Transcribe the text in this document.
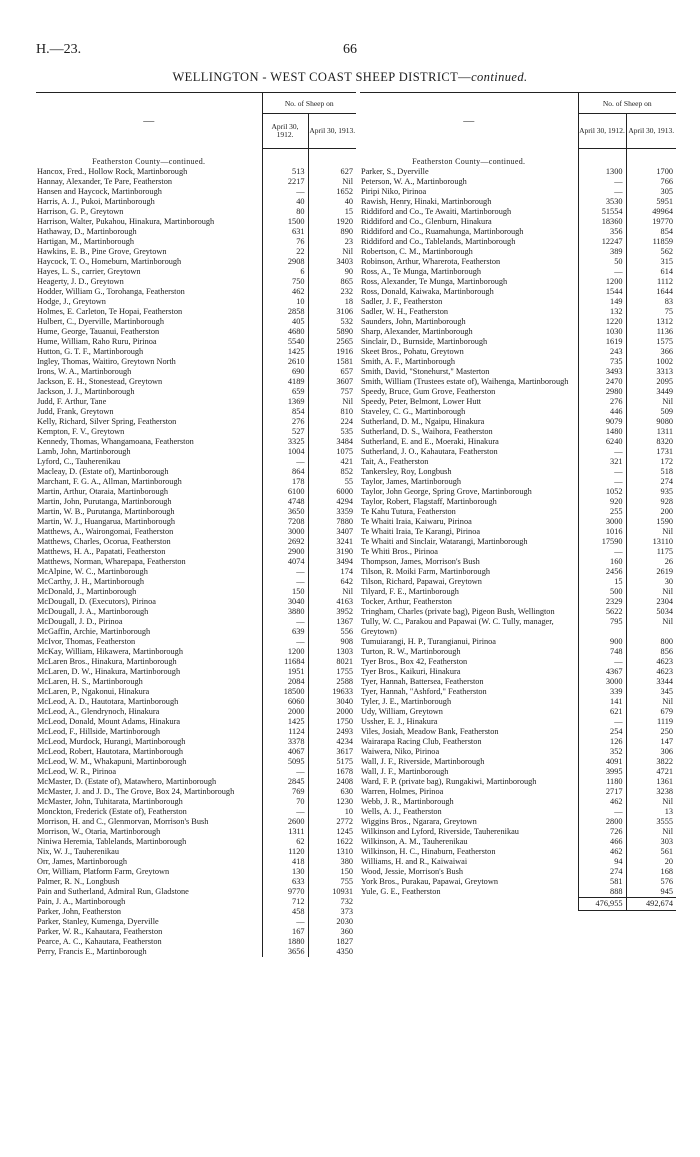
H.—23.	66
WELLINGTON - WEST COAST SHEEP DISTRICT—continued.
—	No. of Sheep on	
	April 30, 1912.	April 30, 1913.
Featherston County—continued.		
Hancox, Fred., Hollow Rock, Martinborough	513	627
Hannay, Alexander, Te Pare, Featherston	2217	Nil
Hansen and Haycock, Martinborough	—	1652
Harris, A. J., Pukoi, Martinborough	40	40
Harrison, G. P., Greytown	80	15
Harrison, Walter, Pukahou, Hinakura, Martinborough	1500	1920
Hathaway, D., Martinborough	631	890
Hartigan, M., Martinborough	76	23
Hawkins, E. B., Pine Grove, Greytown	22	Nil
Haycock, T. O., Homeburn, Martinborough	2908	3403
Hayes, L. S., carrier, Greytown	6	90
Heagerty, J. D., Greytown	750	865
Hodder, William G., Torohanga, Featherston	462	232
Hodge, J., Greytown	10	18
Holmes, E. Carleton, Te Hopai, Featherston	2858	3106
Hulbert, C., Dyerville, Martinborough	405	532
Hume, George, Tauanui, Featherston	4680	5890
Hume, William, Raho Ruru, Pirinoa	5540	2565
Hutton, G. T. F., Martinborough	1425	1916
Ingley, Thomas, Waitiro, Greytown North	2610	1581
Irons, W. A., Martinborough	690	657
Jackson, E. H., Stonestead, Greytown	4189	3607
Jackson, J. J., Martinborough	659	757
Judd, F. Arthur, Tane	1369	Nil
Judd, Frank, Greytown	854	810
Kelly, Richard, Silver Spring, Featherston	276	224
Kempton, F. V., Greytown	527	535
Kennedy, Thomas, Whangamoana, Featherston	3325	3484
Lamb, John, Martinborough	1004	1075
Lyford, C., Tauherenikau	—	421
Macleay, D. (Estate of), Martinborough	864	852
Marchant, F. G. A., Allman, Martinborough	178	55
Martin, Arthur, Otaraia, Martinborough	6100	6000
Martin, John, Purutanga, Martinborough	4748	4294
Martin, W. B., Purutanga, Martinborough	3650	3359
Martin, W. J., Huangarua, Martinborough	7208	7880
Matthews, A., Wairongomai, Featherston	3000	3407
Matthews, Charles, Ocorua, Featherston	2692	3241
Matthews, H. A., Papatati, Featherston	2900	3190
Matthews, Norman, Wharepapa, Featherston	4074	3494
McAlpine, W. C., Martinborough	—	174
McCarthy, J. H., Martinborough	—	642
McDonald, J., Martinborough	150	Nil
McDougall, D. (Executors), Pirinoa	3040	4163
McDougall, J. A., Martinborough	3880	3952
McDougall, J. D., Pirinoa	—	1367
McGaffin, Archie, Martinborough	639	556
McIvor, Thomas, Featherston	—	908
McKay, William, Hikawera, Martinborough	1200	1303
McLaren Bros., Hinakura, Martinborough	11684	8021
McLaren, D. W., Hinakura, Martinborough	1951	1755
McLaren, H. S., Martinborough	2084	2588
McLaren, P., Ngakonui, Hinakura	18500	19633
McLeod, A. D., Hautotara, Martinborough	6060	3040
McLeod, A., Glendrynoch, Hinakura	2000	2000
McLeod, Donald, Mount Adams, Hinakura	1425	1750
McLeod, F., Hillside, Martinborough	1124	2493
McLeod, Murdock, Hurangi, Martinborough	3378	4234
McLeod, Robert, Hautotara, Martinborough	4067	3617
McLeod, W. M., Whakapuni, Martinborough	5095	5175
McLeod, W. R., Pirinoa	—	1678
McMaster, D. (Estate of), Matawhero, Martinborough	2845	2408
McMaster, J. and J. D., The Grove, Box 24, Martinborough	769	630
McMaster, John, Tuhitarata, Martinborough	70	1230
Monckton, Frederick (Estate of), Featherston	—	10
Morrison, H. and C., Glenmorvan, Morrison's Bush	2600	2772
Morrison, W., Otaria, Martinborough	1311	1245
Niniwa Heremia, Tablelands, Martinborough	62	1622
Nix, W. J., Tauherenikau	1120	1310
Orr, James, Martinborough	418	380
Orr, William, Platform Farm, Greytown	130	150
Palmer, R. N., Longbush	633	755
Pain and Sutherland, Admiral Run, Gladstone	9770	10931
Pain, J. A., Martinborough	712	732
Parker, John, Featherston	458	373
Parker, Stanley, Kumenga, Dyerville	—	2030
Parker, W. R., Kahautara, Featherston	167	360
Pearce, A. C., Kahautara, Featherston	1880	1827
Perry, Francis E., Martinborough	3656	4350
—	No. of Sheep on	
	April 30, 1912.	April 30, 1913.
Featherston County—continued.		
Parker, S., Dyerville	1300	1700
Peterson, W. A., Martinborough	—	766
Piripi Niko, Pirinoa	—	305
Rawish, Henry, Hinaki, Martinborough	3530	5951
Riddiford and Co., Te Awaiti, Martinborough	51554	49964
Riddiford and Co., Glenburn, Hinakura	18360	19770
Riddiford and Co., Ruamahunga, Martinborough	356	854
Riddiford and Co., Tablelands, Martinborough	12247	11859
Robertson, C. M., Martinborough	389	562
Robinson, Arthur, Wharerota, Featherston	50	315
Ross, A., Te Munga, Martinborough	—	614
Ross, Alexander, Te Munga, Martinborough	1200	1112
Ross, Donald, Kaiwaka, Martinborough	1544	1644
Sadler, J. F., Featherston	149	83
Sadler, W. H., Featherston	132	75
Saunders, John, Martinborough	1220	1312
Sharp, Alexander, Martinborough	1030	1136
Sinclair, D., Burnside, Martinborough	1619	1575
Skeet Bros., Pohatu, Greytown	243	366
Smith, A. F., Martinborough	735	1002
Smith, David, "Stonehurst," Masterton	3493	3313
Smith, William (Trustees estate of), Waihenga, Martinborough	2470	2095
Speedy, Bruce, Gum Grove, Featherston	2980	3449
Speedy, Peter, Belmont, Lower Hutt	276	Nil
Staveley, C. G., Martinborough	446	509
Sutherland, D. M., Ngaipu, Hinakura	9079	9080
Sutherland, D. S., Waihora, Featherston	1480	1311
Sutherland, E. and E., Moeraki, Hinakura	6240	8320
Sutherland, J. O., Kahautara, Featherston	—	1731
Tait, A., Featherston	321	172
Tankersley, Roy, Longbush	—	518
Taylor, James, Martinborough	—	274
Taylor, John George, Spring Grove, Martinborough	1052	935
Taylor, Robert, Flagstaff, Martinborough	920	928
Te Kahu Tutura, Featherston	255	200
Te Whaiti Iraia, Kaiwaru, Pirinoa	3000	1590
Te Whaiti Iraia, Te Karangi, Pirinoa	1016	Nil
Te Whaiti and Sinclair, Watarangi, Martinborough	17590	13110
Te Whiti Bros., Pirinoa	—	1175
Thompson, James, Morrison's Bush	160	26
Tilson, R. Moiki Farm, Martinborough	2456	2619
Tilson, Richard, Papawai, Greytown	15	30
Tilyard, F. E., Martinborough	500	Nil
Tocker, Arthur, Featherston	2329	2304
Tringham, Charles (private bag), Pigeon Bush, Wellington	5622	5034
Tully, W. C., Parakou and Papawai (W. C. Tully, manager, Greytown)	795	Nil
Tumuiarangi, H. P., Turangianui, Pirinoa	900	800
Turton, R. W., Martinborough	748	856
Tyer Bros., Box 42, Featherston	—	4623
Tyer Bros., Kaikuri, Hinakura	4367	4623
Tyer, Hannah, Battersea, Featherston	3000	3344
Tyer, Hannah, "Ashford," Featherston	339	345
Tyler, J. E., Martinborough	141	Nil
Udy, William, Greytown	621	679
Ussher, E. J., Hinakura	—	1119
Viles, Josiah, Meadow Bank, Featherston	254	250
Wairarapa Racing Club, Featherston	126	147
Waiwera, Niko, Pirinoa	352	306
Wall, J. F., Riverside, Martinborough	4091	3822
Wall, J. F., Martinborough	3995	4721
Ward, F. P. (private bag), Rungakiwi, Martinborough	1180	1361
Warren, Holmes, Pirinoa	2717	3238
Webb, J. R., Martinborough	462	Nil
Wells, A. J., Featherston	—	13
Wiggins Bros., Ngarara, Greytown	2800	3555
Wilkinson and Lyford, Riverside, Tauherenikau	726	Nil
Wilkinson, A. M., Tauherenikau	466	303
Wilkinson, H. C., Hinaburn, Featherston	462	561
Williams, H. and R., Kaiwaiwai	94	20
Wood, Jessie, Morrison's Bush	274	168
York Bros., Purakau, Papawai, Greytown	581	576
Yule, G. E., Featherston	888	945
	476,955	492,674
